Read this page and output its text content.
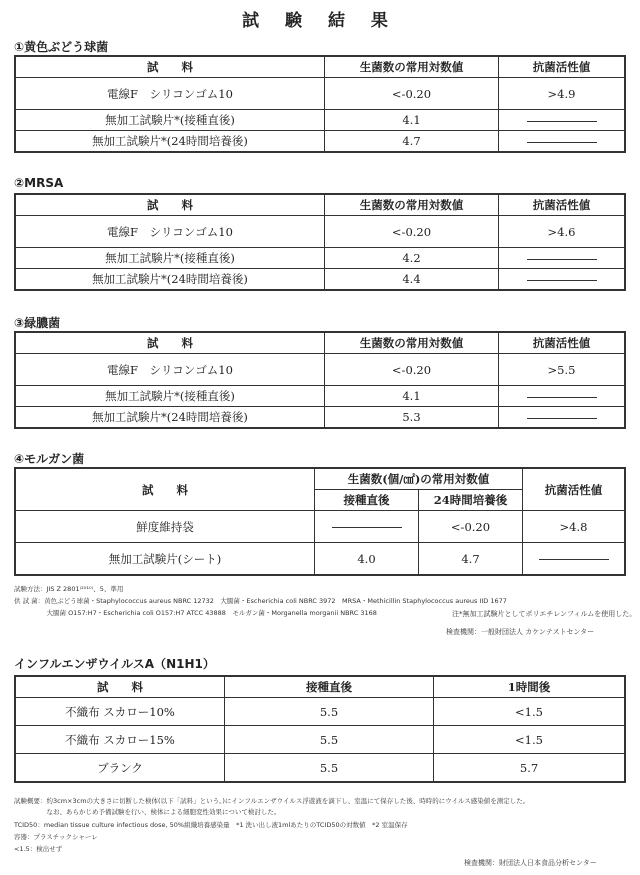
試 験 結 果
①黄色ぶどう球菌
試　　料	生菌数の常用対数値	抗菌活性値
電線F　シリコンゴム10	<-0.20	>4.9
無加工試験片*(接種直後)	4.1	
無加工試験片*(24時間培養後)	4.7	
②MRSA
試　　料	生菌数の常用対数値	抗菌活性値
電線F　シリコンゴム10	<-0.20	>4.6
無加工試験片*(接種直後)	4.2	
無加工試験片*(24時間培養後)	4.4	
③緑膿菌
試　　料	生菌数の常用対数値	抗菌活性値
電線F　シリコンゴム10	<-0.20	>5.5
無加工試験片*(接種直後)	4.1	
無加工試験片*(24時間培養後)	5.3	
④モルガン菌
試　　料	生菌数(個/㎠)の常用対数値		抗菌活性値
	接種直後	24時間培養後	
鮮度維持袋		<-0.20	>4.8
無加工試験片(シート)	4.0	4.7	
試験方法：JIS Z 2801⁽²⁰¹⁰⁾、5、準用
供 試 菌：黄色ぶどう球菌・Staphylococcus aureus NBRC 12732　大腸菌・Escherichia coli NBRC 3972　MRSA・Methicillin Staphylococcus aureus IID 1677
　　　　　大腸菌 O157:H7・Escherichia coli O157:H7 ATCC 43888　モルガン菌・Morganella morganii NBRC 3168	注*無加工試験片としてポリエチレンフィルムを使用した。
検査機関：一般財団法人 カケンテストセンター
インフルエンザウイルスA（N1H1）
試　　料	接種直後	1時間後
不織布 スカロー10%	5.5	<1.5
不織布 スカロー15%	5.5	<1.5
ブランク	5.5	5.7
試験概要：約3cm×3cmの大きさに切断した検体(以下「試料」という。)にインフルエンザウイルス浮遊液を滴下し、室温にて保存した後、時時的にウイルス感染値を測定した。
　　　　　なお、あらかじめ予備試験を行い、検体による細胞変性効果について検討した。
TCID50：median tissue culture infectious dose, 50%組織培養感染量　*1 洗い出し液1mlあたりのTCID50の対数値　*2 室温保存
容器：プラスチックシャーレ
<1.5：検出せず
検査機関：財団法人日本食品分析センター
